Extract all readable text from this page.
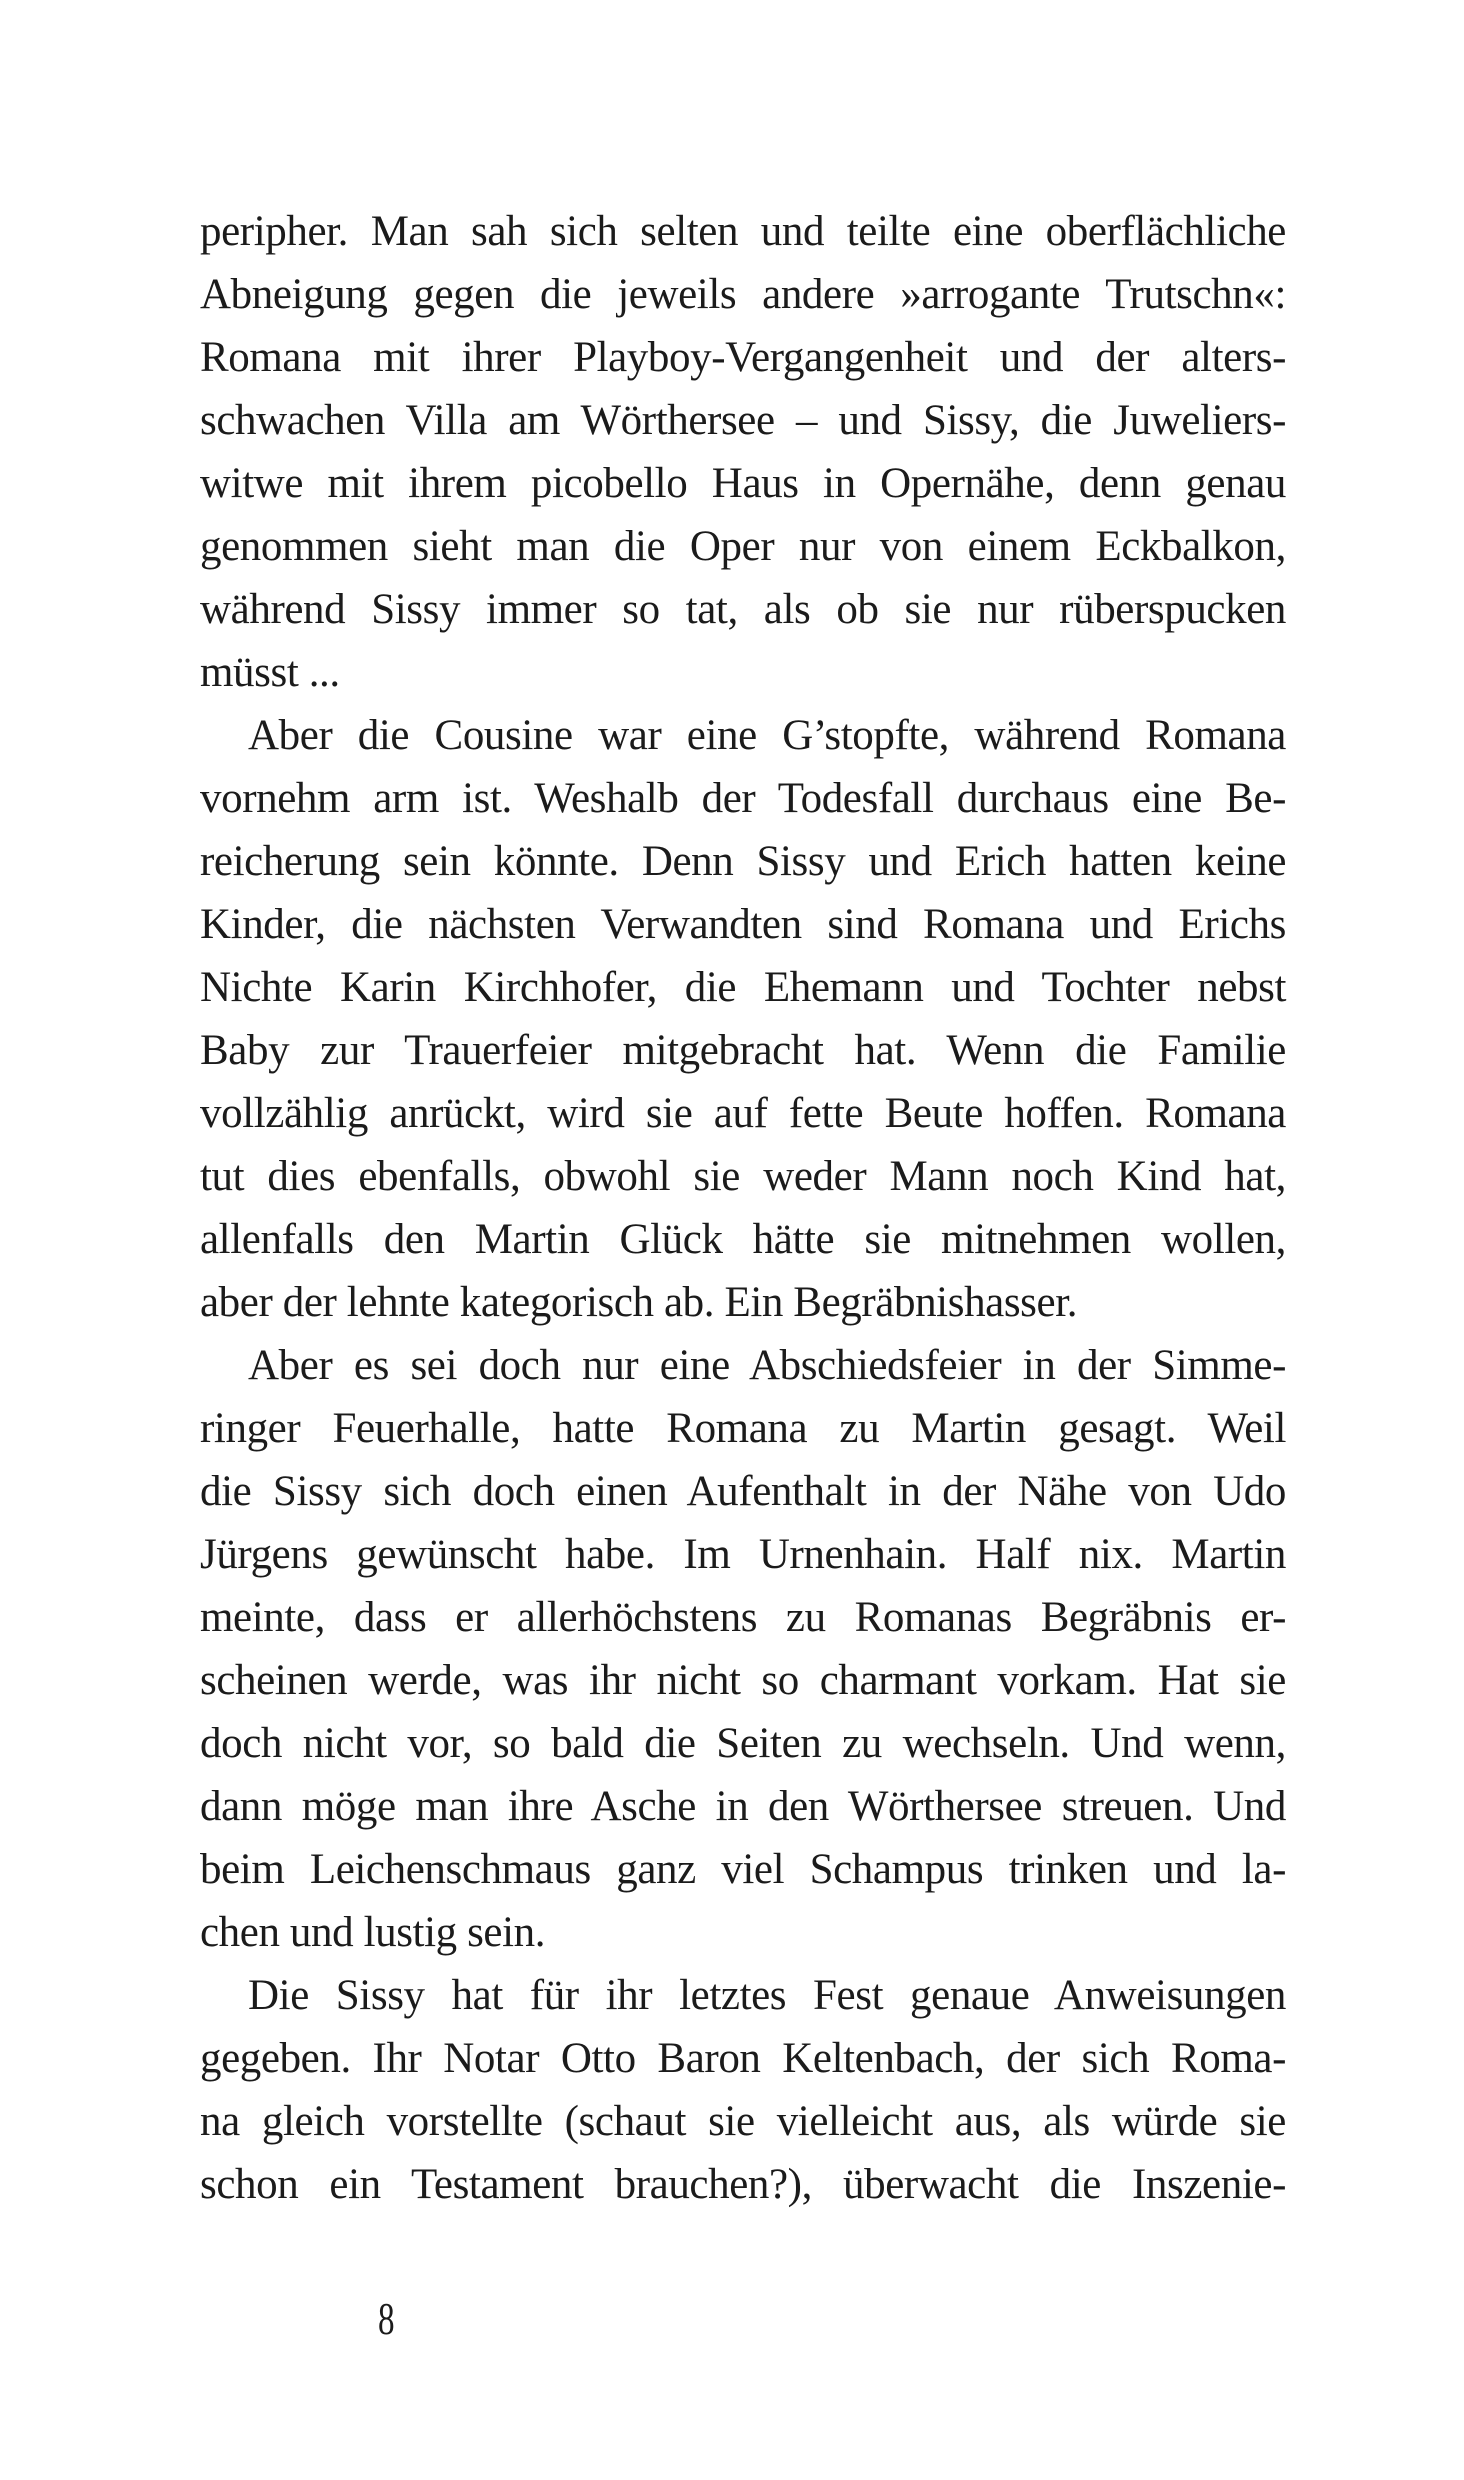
peripher. Man sah sich selten und teilte eine oberflächliche
Abneigung gegen die jeweils andere »arrogante Trutschn«:
Romana mit ihrer Playboy-Vergangenheit und der alters-
schwachen Villa am Wörthersee – und Sissy, die Juweliers-
witwe mit ihrem picobello Haus in Opernähe, denn genau
genommen sieht man die Oper nur von einem Eckbalkon,
während Sissy immer so tat, als ob sie nur rüberspucken
müsst ...
Aber die Cousine war eine G’stopfte, während Romana
vornehm arm ist. Weshalb der Todesfall durchaus eine Be-
reicherung sein könnte. Denn Sissy und Erich hatten keine
Kinder, die nächsten Verwandten sind Romana und Erichs
Nichte Karin Kirchhofer, die Ehemann und Tochter nebst
Baby zur Trauerfeier mitgebracht hat. Wenn die Familie
vollzählig anrückt, wird sie auf fette Beute hoffen. Romana
tut dies ebenfalls, obwohl sie weder Mann noch Kind hat,
allenfalls den Martin Glück hätte sie mitnehmen wollen,
aber der lehnte kategorisch ab. Ein Begräbnishasser.
Aber es sei doch nur eine Abschiedsfeier in der Simme-
ringer Feuerhalle, hatte Romana zu Martin gesagt. Weil
die Sissy sich doch einen Aufenthalt in der Nähe von Udo
Jürgens gewünscht habe. Im Urnenhain. Half nix. Martin
meinte, dass er allerhöchstens zu Romanas Begräbnis er-
scheinen werde, was ihr nicht so charmant vorkam. Hat sie
doch nicht vor, so bald die Seiten zu wechseln. Und wenn,
dann möge man ihre Asche in den Wörthersee streuen. Und
beim Leichenschmaus ganz viel Schampus trinken und la-
chen und lustig sein.
Die Sissy hat für ihr letztes Fest genaue Anweisungen
gegeben. Ihr Notar Otto Baron Keltenbach, der sich Roma-
na gleich vorstellte (schaut sie vielleicht aus, als würde sie
schon ein Testament brauchen?), überwacht die Inszenie-
8
